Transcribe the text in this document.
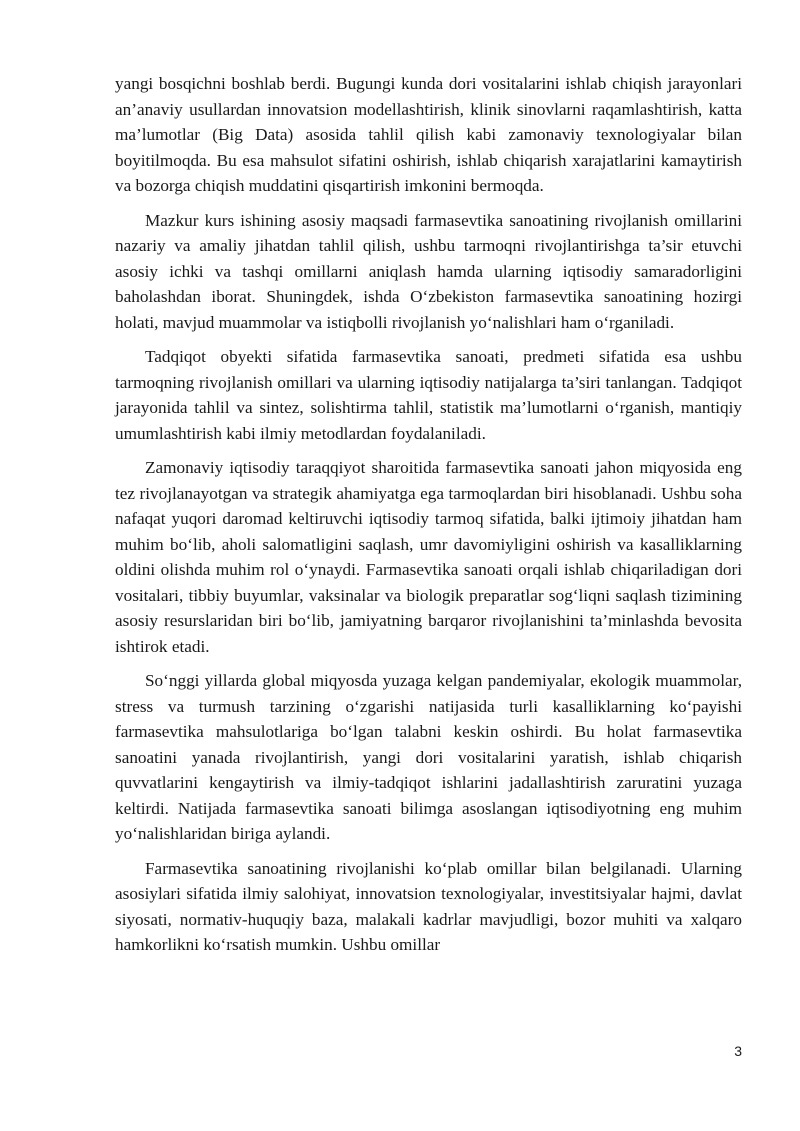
yangi bosqichni boshlab berdi. Bugungi kunda dori vositalarini ishlab chiqish jarayonlari an’anaviy usullardan innovatsion modellashtirish, klinik sinovlarni raqamlashtirish, katta ma’lumotlar (Big Data) asosida tahlil qilish kabi zamonaviy texnologiyalar bilan boyitilmoqda. Bu esa mahsulot sifatini oshirish, ishlab chiqarish xarajatlarini kamaytirish va bozorga chiqish muddatini qisqartirish imkonini bermoqda.

Mazkur kurs ishining asosiy maqsadi farmasevtika sanoatining rivojlanish omillarini nazariy va amaliy jihatdan tahlil qilish, ushbu tarmoqni rivojlantirishga ta’sir etuvchi asosiy ichki va tashqi omillarni aniqlash hamda ularning iqtisodiy samaradorligini baholashdan iborat. Shuningdek, ishda O‘zbekiston farmasevtika sanoatining hozirgi holati, mavjud muammolar va istiqbolli rivojlanish yo‘nalishlari ham o‘rganiladi.

Tadqiqot obyekti sifatida farmasevtika sanoati, predmeti sifatida esa ushbu tarmoqning rivojlanish omillari va ularning iqtisodiy natijalarga ta’siri tanlangan. Tadqiqot jarayonida tahlil va sintez, solishtirma tahlil, statistik ma’lumotlarni o‘rganish, mantiqiy umumlashtirish kabi ilmiy metodlardan foydalaniladi.

Zamonaviy iqtisodiy taraqqiyot sharoitida farmasevtika sanoati jahon miqyosida eng tez rivojlanayotgan va strategik ahamiyatga ega tarmoqlardan biri hisoblanadi. Ushbu soha nafaqat yuqori daromad keltiruvchi iqtisodiy tarmoq sifatida, balki ijtimoiy jihatdan ham muhim bo‘lib, aholi salomatligini saqlash, umr davomiyligini oshirish va kasalliklarning oldini olishda muhim rol o‘ynaydi. Farmasevtika sanoati orqali ishlab chiqariladigan dori vositalari, tibbiy buyumlar, vaksinalar va biologik preparatlar sog‘liqni saqlash tizimining asosiy resurslaridan biri bo‘lib, jamiyatning barqaror rivojlanishini ta’minlashda bevosita ishtirok etadi.

So‘nggi yillarda global miqyosda yuzaga kelgan pandemiyalar, ekologik muammolar, stress va turmush tarzining o‘zgarishi natijasida turli kasalliklarning ko‘payishi farmasevtika mahsulotlariga bo‘lgan talabni keskin oshirdi. Bu holat farmasevtika sanoatini yanada rivojlantirish, yangi dori vositalarini yaratish, ishlab chiqarish quvvatlarini kengaytirish va ilmiy-tadqiqot ishlarini jadallashtirish zaruratini yuzaga keltirdi. Natijada farmasevtika sanoati bilimga asoslangan iqtisodiyotning eng muhim yo‘nalishlaridan biriga aylandi.

Farmasevtika sanoatining rivojlanishi ko‘plab omillar bilan belgilanadi. Ularning asosiylari sifatida ilmiy salohiyat, innovatsion texnologiyalar, investitsiyalar hajmi, davlat siyosati, normativ-huquqiy baza, malakali kadrlar mavjudligi, bozor muhiti va xalqaro hamkorlikni ko‘rsatish mumkin. Ushbu omillar

3
